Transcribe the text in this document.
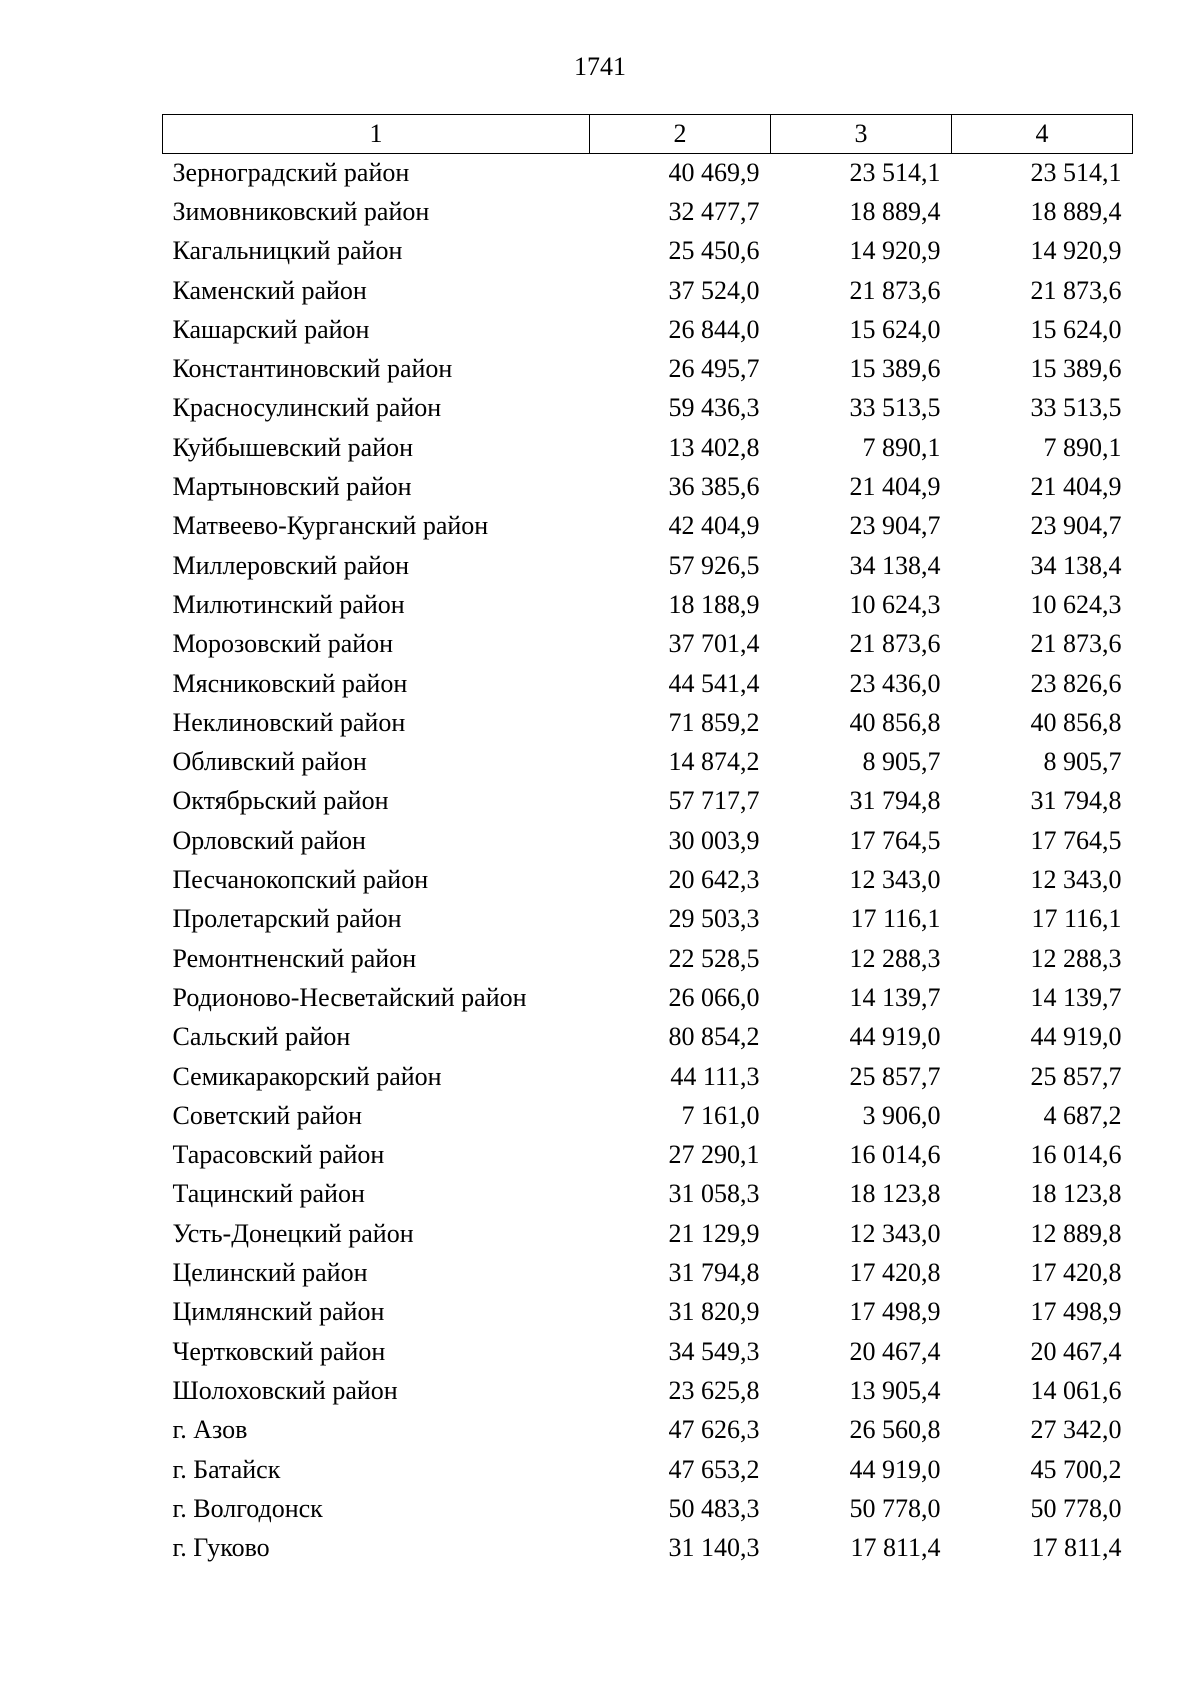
1741
1	2	3	4
Зерноградский район	40 469,9	23 514,1	23 514,1
Зимовниковский район	32 477,7	18 889,4	18 889,4
Кагальницкий район	25 450,6	14 920,9	14 920,9
Каменский район	37 524,0	21 873,6	21 873,6
Кашарский район	26 844,0	15 624,0	15 624,0
Константиновский район	26 495,7	15 389,6	15 389,6
Красносулинский район	59 436,3	33 513,5	33 513,5
Куйбышевский район	13 402,8	7 890,1	7 890,1
Мартыновский район	36 385,6	21 404,9	21 404,9
Матвеево-Курганский район	42 404,9	23 904,7	23 904,7
Миллеровский район	57 926,5	34 138,4	34 138,4
Милютинский район	18 188,9	10 624,3	10 624,3
Морозовский район	37 701,4	21 873,6	21 873,6
Мясниковский район	44 541,4	23 436,0	23 826,6
Неклиновский район	71 859,2	40 856,8	40 856,8
Обливский район	14 874,2	8 905,7	8 905,7
Октябрьский район	57 717,7	31 794,8	31 794,8
Орловский район	30 003,9	17 764,5	17 764,5
Песчанокопский район	20 642,3	12 343,0	12 343,0
Пролетарский район	29 503,3	17 116,1	17 116,1
Ремонтненский район	22 528,5	12 288,3	12 288,3
Родионово-Несветайский район	26 066,0	14 139,7	14 139,7
Сальский район	80 854,2	44 919,0	44 919,0
Семикаракорский район	44 111,3	25 857,7	25 857,7
Советский район	7 161,0	3 906,0	4 687,2
Тарасовский район	27 290,1	16 014,6	16 014,6
Тацинский район	31 058,3	18 123,8	18 123,8
Усть-Донецкий район	21 129,9	12 343,0	12 889,8
Целинский район	31 794,8	17 420,8	17 420,8
Цимлянский район	31 820,9	17 498,9	17 498,9
Чертковский район	34 549,3	20 467,4	20 467,4
Шолоховский район	23 625,8	13 905,4	14 061,6
г. Азов	47 626,3	26 560,8	27 342,0
г. Батайск	47 653,2	44 919,0	45 700,2
г. Волгодонск	50 483,3	50 778,0	50 778,0
г. Гуково	31 140,3	17 811,4	17 811,4
